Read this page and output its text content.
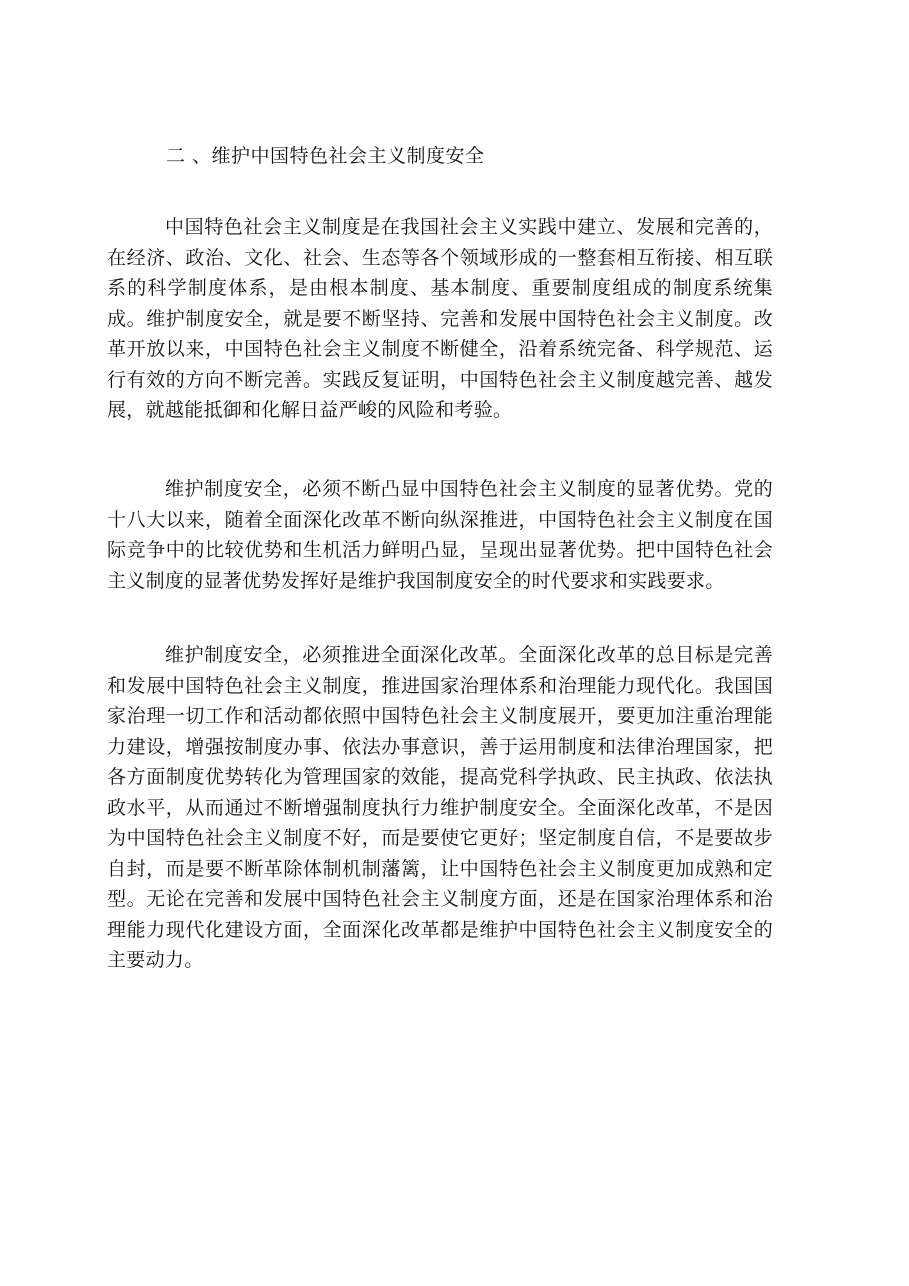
二 、维护中国特色社会主义制度安全

中国特色社会主义制度是在我国社会主义实践中建立、发展和完善的，在经济、政治、文化、社会、生态等各个领域形成的一整套相互衔接、相互联系的科学制度体系，是由根本制度、基本制度、重要制度组成的制度系统集成。维护制度安全，就是要不断坚持、完善和发展中国特色社会主义制度。改革开放以来，中国特色社会主义制度不断健全，沿着系统完备、科学规范、运行有效的方向不断完善。实践反复证明，中国特色社会主义制度越完善、越发展，就越能抵御和化解日益严峻的风险和考验。

维护制度安全，必须不断凸显中国特色社会主义制度的显著优势。党的十八大以来，随着全面深化改革不断向纵深推进，中国特色社会主义制度在国际竞争中的比较优势和生机活力鲜明凸显，呈现出显著优势。把中国特色社会主义制度的显著优势发挥好是维护我国制度安全的时代要求和实践要求。

维护制度安全，必须推进全面深化改革。全面深化改革的总目标是完善和发展中国特色社会主义制度，推进国家治理体系和治理能力现代化。我国国家治理一切工作和活动都依照中国特色社会主义制度展开，要更加注重治理能力建设，增强按制度办事、依法办事意识，善于运用制度和法律治理国家，把各方面制度优势转化为管理国家的效能，提高党科学执政、民主执政、依法执政水平，从而通过不断增强制度执行力维护制度安全。全面深化改革，不是因为中国特色社会主义制度不好，而是要使它更好；坚定制度自信，不是要故步自封，而是要不断革除体制机制藩篱，让中国特色社会主义制度更加成熟和定型。无论在完善和发展中国特色社会主义制度方面，还是在国家治理体系和治理能力现代化建设方面，全面深化改革都是维护中国特色社会主义制度安全的主要动力。
